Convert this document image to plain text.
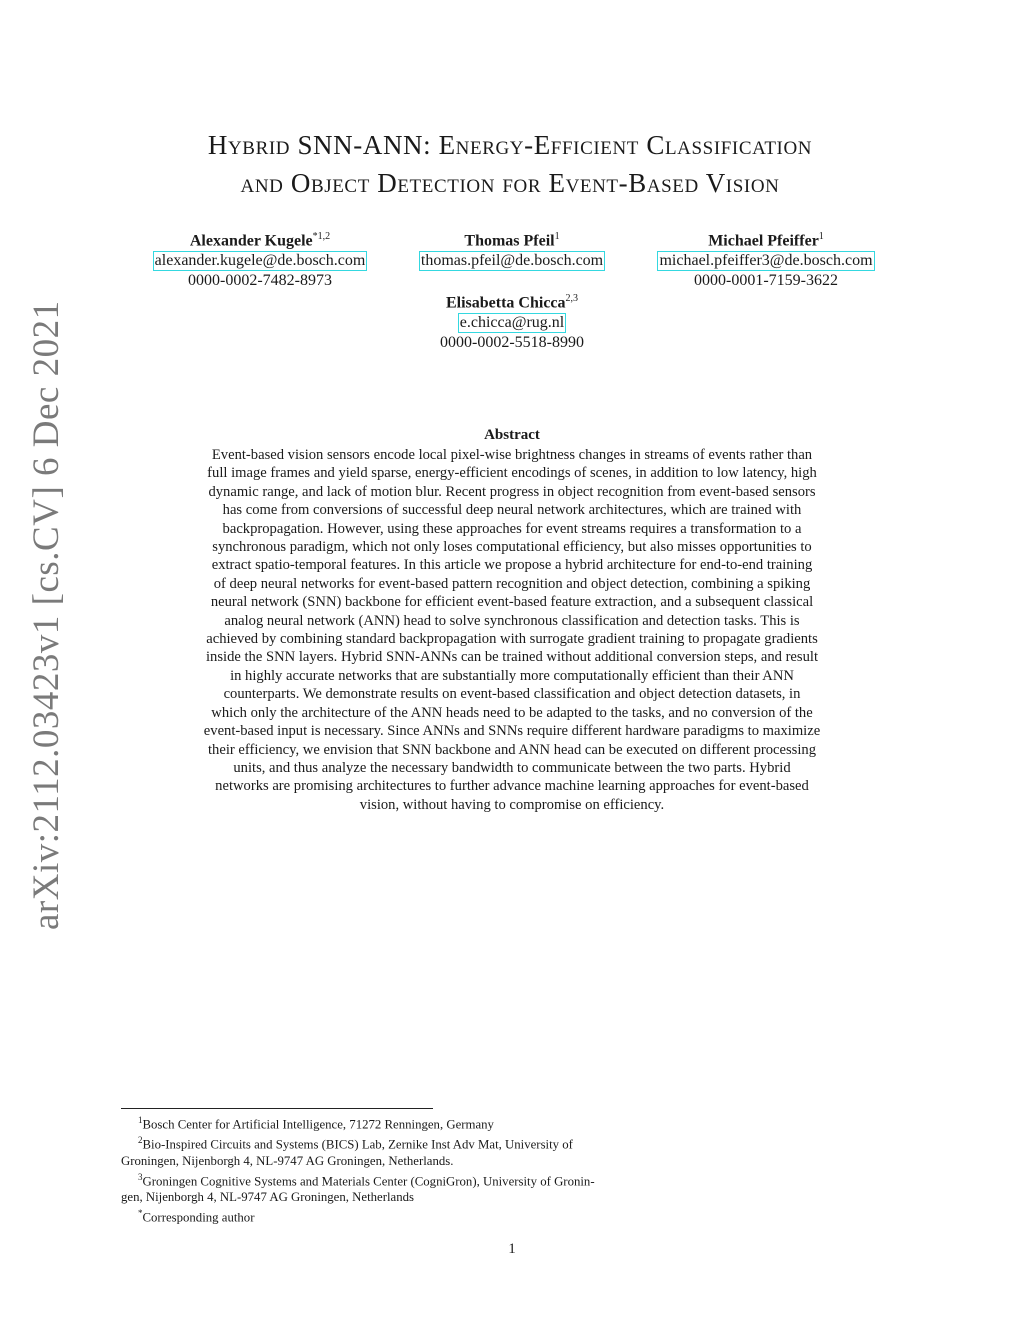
arXiv:2112.03423v1 [cs.CV] 6 Dec 2021
Hybrid SNN-ANN: Energy-Efficient Classification
and Object Detection for Event-Based Vision
Alexander Kugele$^{*1,2}$
alexander.kugele@de.bosch.com
0000-0002-7482-8973
Thomas Pfeil$^1$
thomas.pfeil@de.bosch.com
Michael Pfeiffer$^1$
michael.pfeiffer3@de.bosch.com
0000-0001-7159-3622
Elisabetta Chicca$^{2,3}$
e.chicca@rug.nl
0000-0002-5518-8990
Abstract
Event-based vision sensors encode local pixel-wise brightness changes in streams of events rather than
full image frames and yield sparse, energy-efficient encodings of scenes, in addition to low latency, high
dynamic range, and lack of motion blur. Recent progress in object recognition from event-based sensors
has come from conversions of successful deep neural network architectures, which are trained with
backpropagation. However, using these approaches for event streams requires a transformation to a
synchronous paradigm, which not only loses computational efficiency, but also misses opportunities to
extract spatio-temporal features. In this article we propose a hybrid architecture for end-to-end training
of deep neural networks for event-based pattern recognition and object detection, combining a spiking
neural network (SNN) backbone for efficient event-based feature extraction, and a subsequent classical
analog neural network (ANN) head to solve synchronous classification and detection tasks. This is
achieved by combining standard backpropagation with surrogate gradient training to propagate gradients
inside the SNN layers. Hybrid SNN-ANNs can be trained without additional conversion steps, and result
in highly accurate networks that are substantially more computationally efficient than their ANN
counterparts. We demonstrate results on event-based classification and object detection datasets, in
which only the architecture of the ANN heads need to be adapted to the tasks, and no conversion of the
event-based input is necessary. Since ANNs and SNNs require different hardware paradigms to maximize
their efficiency, we envision that SNN backbone and ANN head can be executed on different processing
units, and thus analyze the necessary bandwidth to communicate between the two parts. Hybrid
networks are promising architectures to further advance machine learning approaches for event-based
vision, without having to compromise on efficiency.
$^1$Bosch Center for Artificial Intelligence, 71272 Renningen, Germany
$^2$Bio-Inspired Circuits and Systems (BICS) Lab, Zernike Inst Adv Mat, University of
Groningen, Nijenborgh 4, NL-9747 AG Groningen, Netherlands.
$^3$Groningen Cognitive Systems and Materials Center (CogniGron), University of Gronin-
gen, Nijenborgh 4, NL-9747 AG Groningen, Netherlands
*Corresponding author
1
